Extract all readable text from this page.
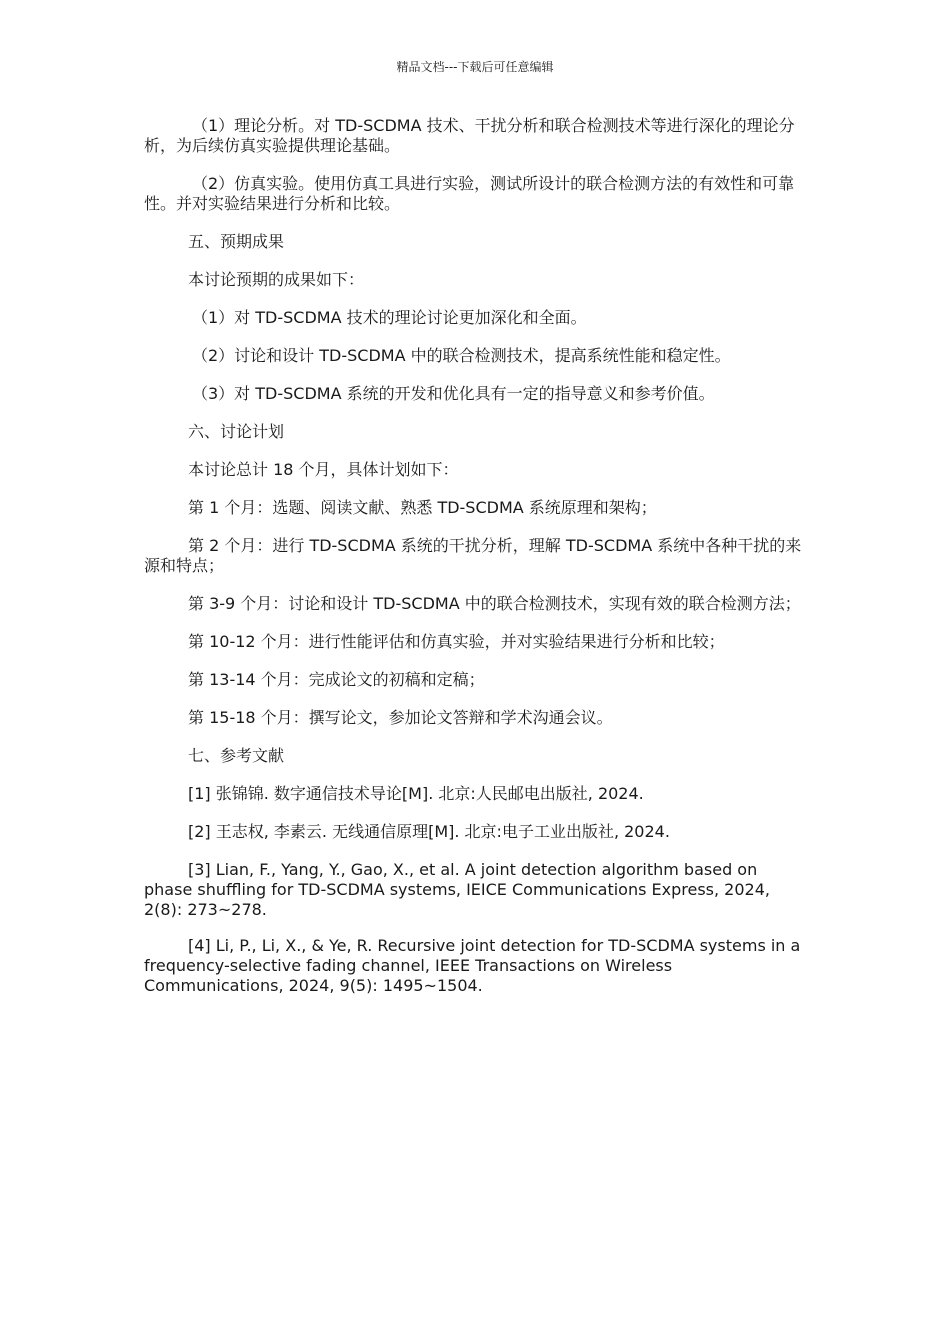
精品文档---下载后可任意编辑

（1）理论分析。对 TD-SCDMA 技术、干扰分析和联合检测技术等进行深化的理论分析，为后续仿真实验提供理论基础。

（2）仿真实验。使用仿真工具进行实验，测试所设计的联合检测方法的有效性和可靠性。并对实验结果进行分析和比较。

五、预期成果

本讨论预期的成果如下：

（1）对 TD-SCDMA 技术的理论讨论更加深化和全面。

（2）讨论和设计 TD-SCDMA 中的联合检测技术，提高系统性能和稳定性。

（3）对 TD-SCDMA 系统的开发和优化具有一定的指导意义和参考价值。

六、讨论计划

本讨论总计 18 个月，具体计划如下：

第 1 个月：选题、阅读文献、熟悉 TD-SCDMA 系统原理和架构；

第 2 个月：进行 TD-SCDMA 系统的干扰分析，理解 TD-SCDMA 系统中各种干扰的来源和特点；

第 3-9 个月：讨论和设计 TD-SCDMA 中的联合检测技术，实现有效的联合检测方法；

第 10-12 个月：进行性能评估和仿真实验，并对实验结果进行分析和比较；

第 13-14 个月：完成论文的初稿和定稿；

第 15-18 个月：撰写论文，参加论文答辩和学术沟通会议。

七、参考文献

[1] 张锦锦. 数字通信技术导论[M]. 北京:人民邮电出版社, 2024.

[2] 王志权, 李素云. 无线通信原理[M]. 北京:电子工业出版社, 2024.

[3] Lian, F., Yang, Y., Gao, X., et al. A joint detection algorithm based on phase shuffling for TD-SCDMA systems, IEICE Communications Express, 2024, 2(8): 273~278.

[4] Li, P., Li, X., & Ye, R. Recursive joint detection for TD-SCDMA systems in a frequency-selective fading channel, IEEE Transactions on Wireless Communications, 2024, 9(5): 1495~1504.
